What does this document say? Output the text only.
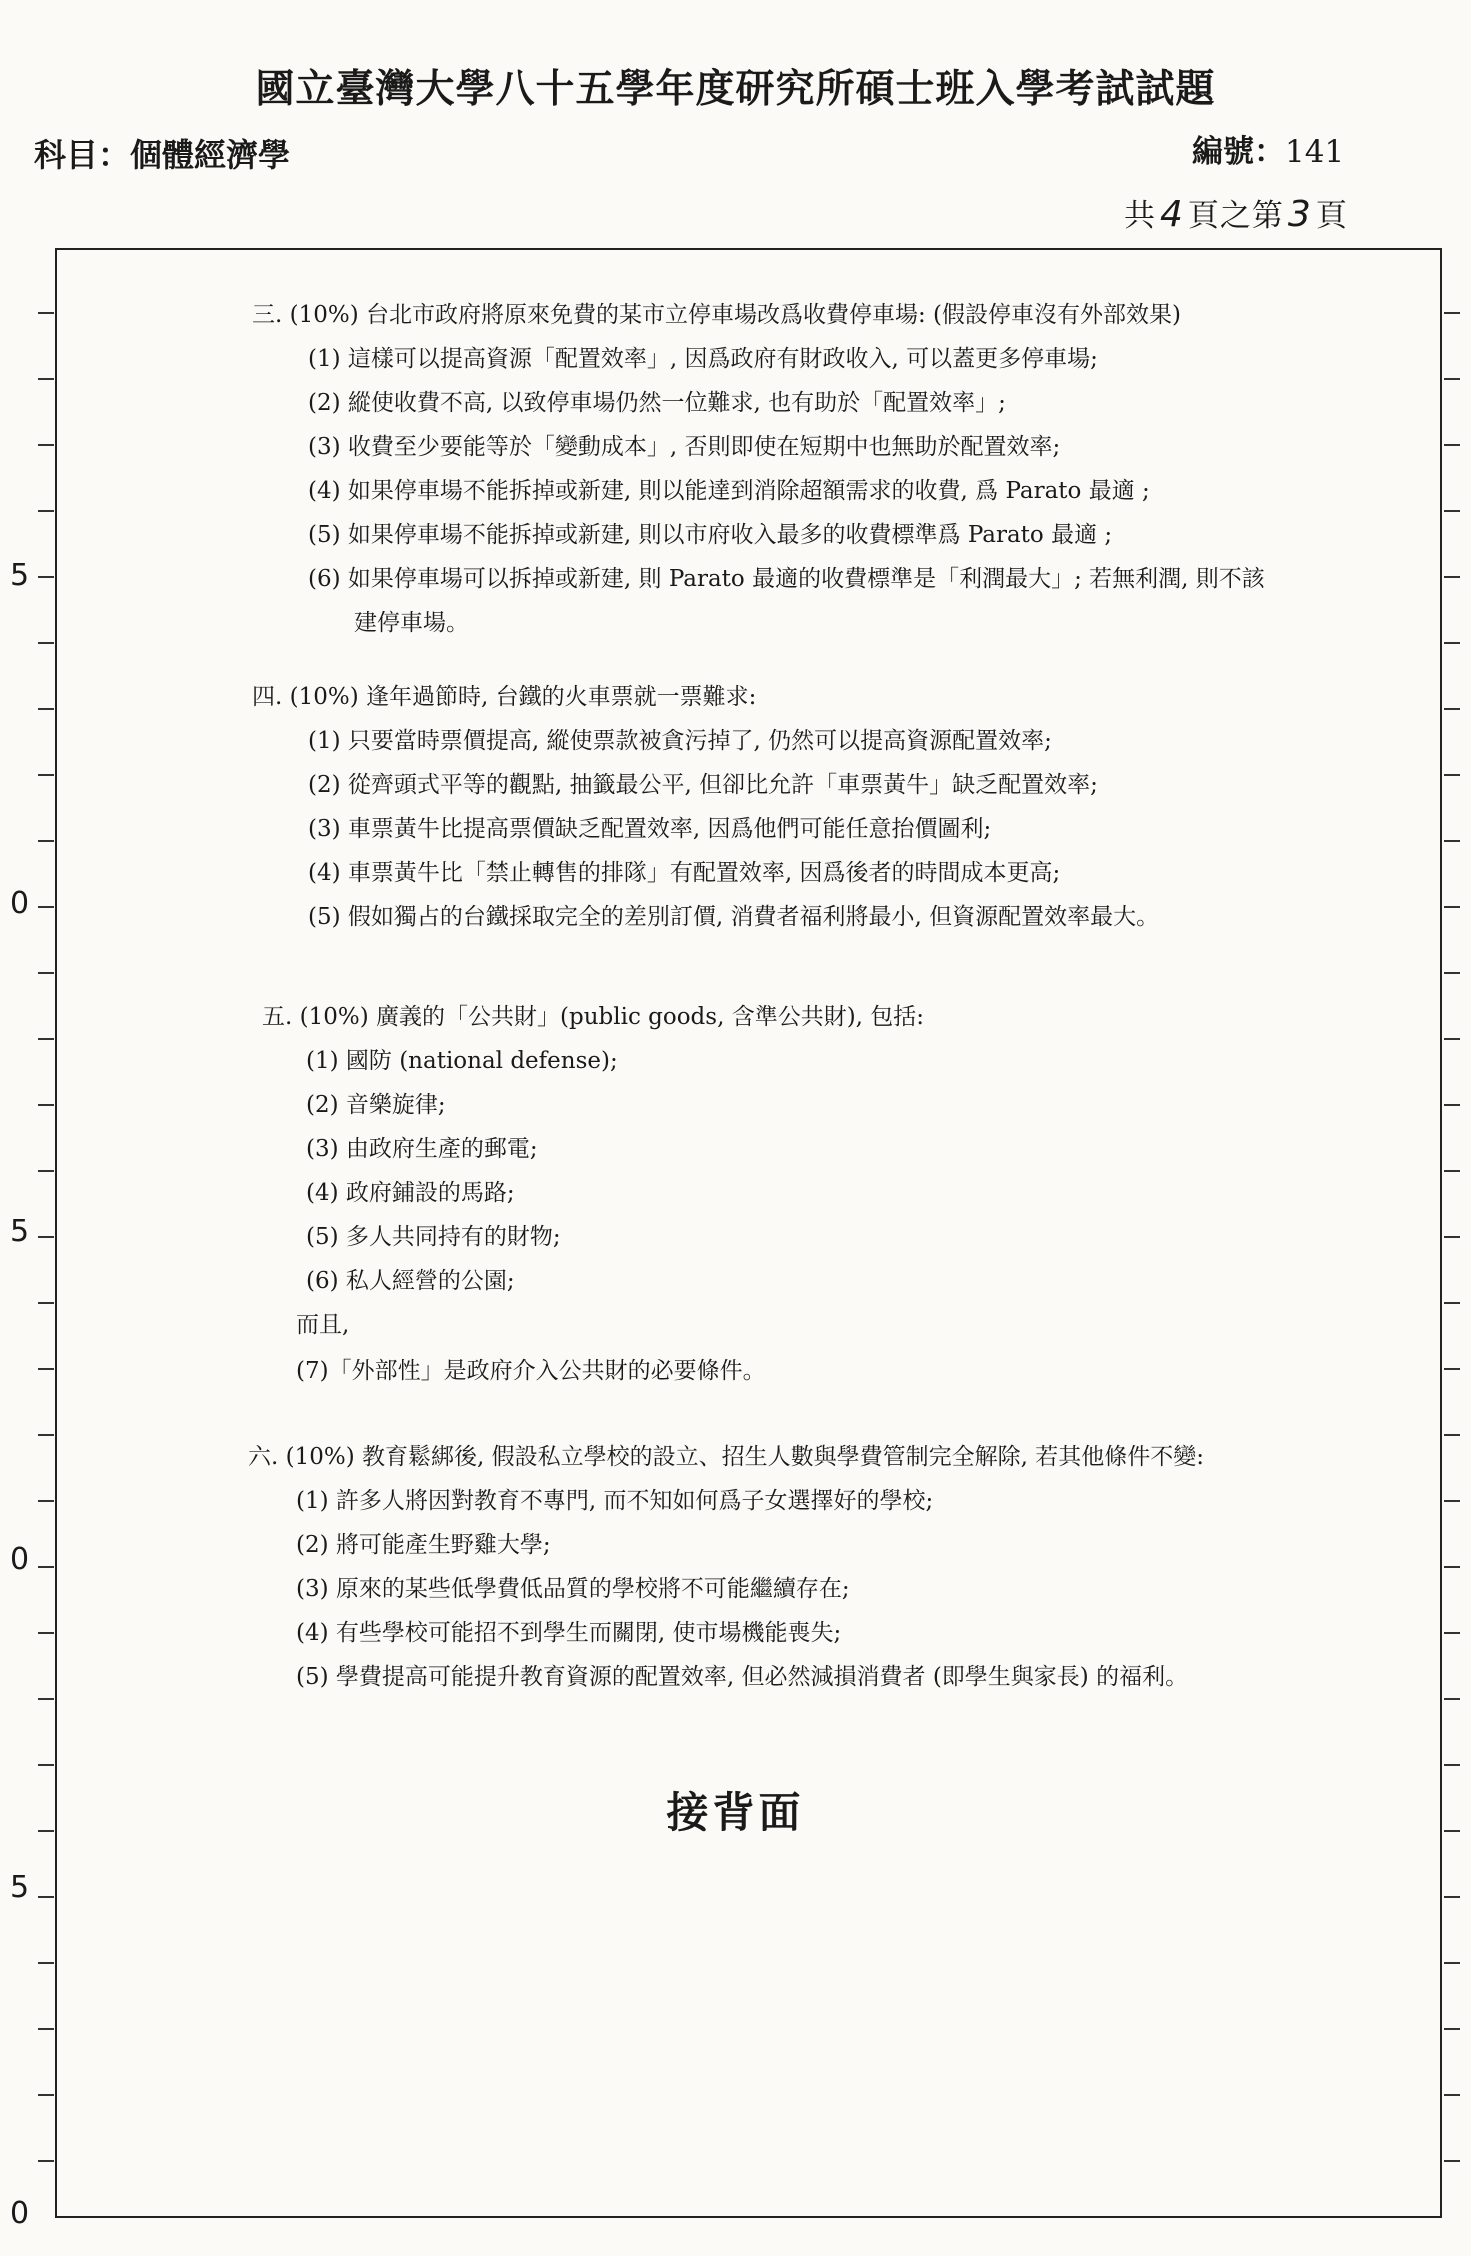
國立臺灣大學八十五學年度研究所碩士班入學考試試題
科目：個體經濟學	編號：141
共 4 頁之第 3 頁
5
0
5
0
5
0
三. (10%) 台北市政府將原來免費的某市立停車場改爲收費停車場: (假設停車沒有外部效果)
(1) 這樣可以提高資源「配置效率」, 因爲政府有財政收入, 可以蓋更多停車場;
(2) 縱使收費不高, 以致停車場仍然一位難求, 也有助於「配置效率」;
(3) 收費至少要能等於「變動成本」, 否則即使在短期中也無助於配置效率;
(4) 如果停車場不能拆掉或新建, 則以能達到消除超額需求的收費, 爲 Parato 最適 ;
(5) 如果停車場不能拆掉或新建, 則以市府收入最多的收費標準爲 Parato 最適 ;
(6) 如果停車場可以拆掉或新建, 則 Parato 最適的收費標準是「利潤最大」; 若無利潤, 則不該
建停車場。
四. (10%) 逢年過節時, 台鐵的火車票就一票難求:
(1) 只要當時票價提高, 縱使票款被貪污掉了, 仍然可以提高資源配置效率;
(2) 從齊頭式平等的觀點, 抽籤最公平, 但卻比允許「車票黃牛」缺乏配置效率;
(3) 車票黃牛比提高票價缺乏配置效率, 因爲他們可能任意抬價圖利;
(4) 車票黃牛比「禁止轉售的排隊」有配置效率, 因爲後者的時間成本更高;
(5) 假如獨占的台鐵採取完全的差別訂價, 消費者福利將最小, 但資源配置效率最大。
五. (10%) 廣義的「公共財」(public goods, 含準公共財), 包括:
(1) 國防 (national defense);
(2) 音樂旋律;
(3) 由政府生產的郵電;
(4) 政府鋪設的馬路;
(5) 多人共同持有的財物;
(6) 私人經營的公園;
而且,
(7)「外部性」是政府介入公共財的必要條件。
六. (10%) 教育鬆綁後, 假設私立學校的設立、招生人數與學費管制完全解除, 若其他條件不變:
(1) 許多人將因對教育不專門, 而不知如何爲子女選擇好的學校;
(2) 將可能產生野雞大學;
(3) 原來的某些低學費低品質的學校將不可能繼續存在;
(4) 有些學校可能招不到學生而關閉, 使市場機能喪失;
(5) 學費提高可能提升教育資源的配置效率, 但必然減損消費者 (即學生與家長) 的福利。
接背面
